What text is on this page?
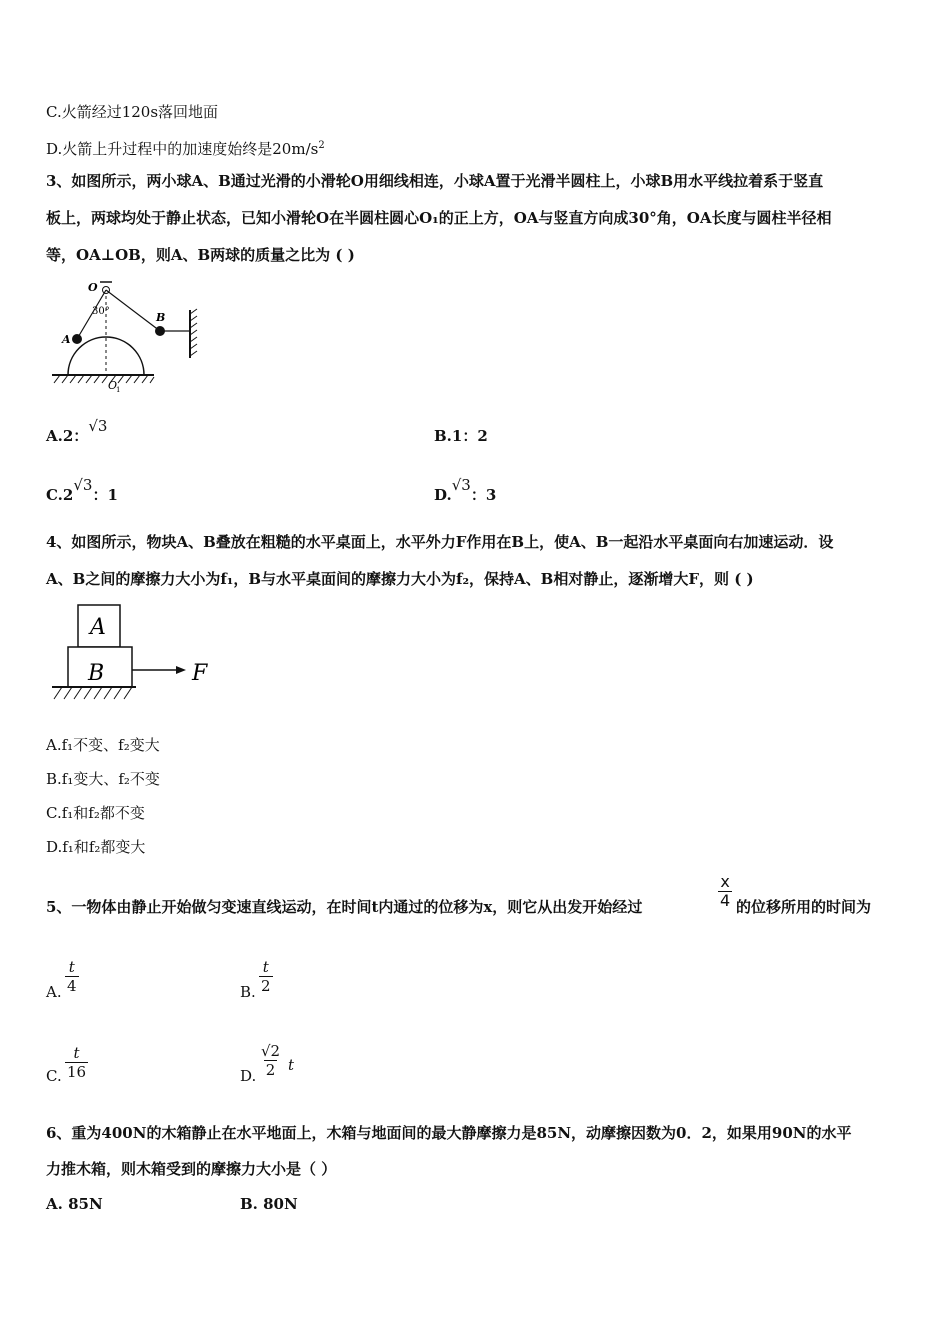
C.火箭经过120s落回地面
D.火箭上升过程中的加速度始终是$20m/s^2$
3、如图所示，两小球A、B通过光滑的小滑轮O用细线相连，小球A置于光滑半圆柱上，小球B用水平线拉着系于竖直
板上，两球均处于静止状态，已知小滑轮O在半圆柱圆心O₁的正上方，OA与竖直方向成30°角，OA长度与圆柱半径相
等，OA⊥OB，则A、B两球的质量之比为 ( )
O
30°
A
B
O
1
A.2：√3
B.1：2
C.2√3：1	D.√3：3
4、如图所示，物块A、B叠放在粗糙的水平桌面上，水平外力F作用在B上，使A、B一起沿水平桌面向右加速运动．设
A、B之间的摩擦力大小为f₁，B与水平桌面间的摩擦力大小为f₂，保持A、B相对静止，逐渐增大F，则 ( )
A
B	F
A.f₁不变、f₂变大
B.f₁变大、f₂不变
C.f₁和f₂都不变
D.f₁和f₂都变大
5、一物体由静止开始做匀变速直线运动，在时间t内通过的位移为x，则它从出发开始经过	$\frac{x}{4}$ 的位移所用的时间为
A. $\frac{t}{4}$	B. $\frac{t}{2}$
C. $\frac{t}{16}$	D. $\frac{√2}{2}$ t
6、重为400N的木箱静止在水平地面上，木箱与地面间的最大静摩擦力是85N，动摩擦因数为0．2，如果用90N的水平
力推木箱，则木箱受到的摩擦力大小是（ ）
A. 85N	B. 80N
